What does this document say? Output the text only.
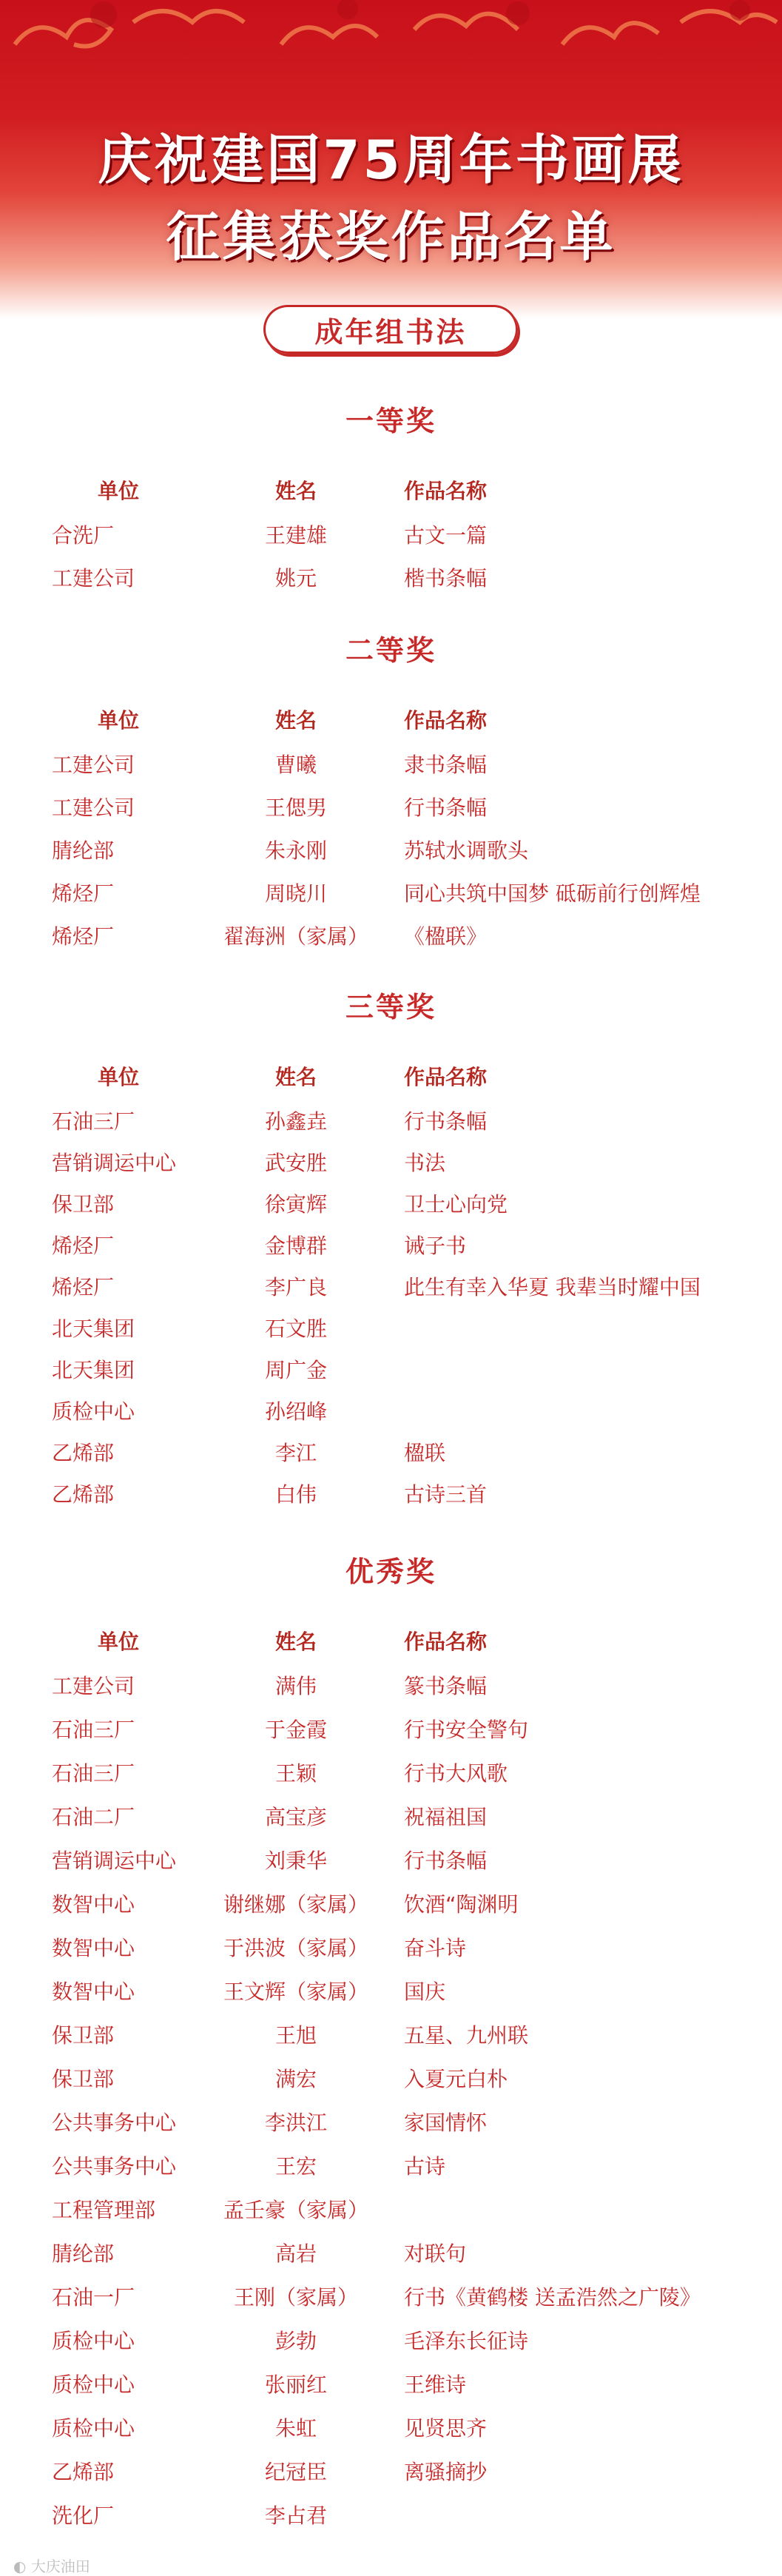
庆祝建国75周年书画展
征集获奖作品名单
成年组书法
一等奖
单位	姓名	作品名称
合洗厂	王建雄	古文一篇
工建公司	姚元	楷书条幅
二等奖
单位	姓名	作品名称
工建公司	曹曦	隶书条幅
工建公司	王偲男	行书条幅
腈纶部	朱永刚	苏轼水调歌头
烯烃厂	周晓川	同心共筑中国梦 砥砺前行创辉煌
烯烃厂	翟海洲（家属） 《楹联》
三等奖
单位	姓名	作品名称
石油三厂	孙鑫垚	行书条幅
营销调运中心	武安胜	书法
保卫部	徐寅辉	卫士心向党
烯烃厂	金博群	诫子书
烯烃厂	李广良	此生有幸入华夏 我辈当时耀中国
北天集团	石文胜
北天集团	周广金
质检中心	孙绍峰
乙烯部	李江	楹联
乙烯部	白伟	古诗三首
优秀奖
单位	姓名	作品名称
工建公司	满伟	篆书条幅
石油三厂	于金霞	行书安全警句
石油三厂	王颖	行书大风歌
石油二厂	高宝彦	祝福祖国
营销调运中心	刘秉华	行书条幅
数智中心	谢继娜（家属） 饮酒“陶渊明
数智中心	于洪波（家属） 奋斗诗
数智中心	王文辉（家属） 国庆
保卫部	王旭	五星、九州联
保卫部	满宏	入夏元白朴
公共事务中心	李洪江	家国情怀
公共事务中心	王宏	古诗
工程管理部	孟壬豪（家属）
腈纶部	高岩	对联句
石油一厂	王刚（家属） 行书《黄鹤楼 送孟浩然之广陵》
质检中心	彭勃	毛泽东长征诗
质检中心	张丽红	王维诗
质检中心	朱虹	见贤思齐
乙烯部	纪冠臣	离骚摘抄
洗化厂	李占君
◐ 大庆油田
